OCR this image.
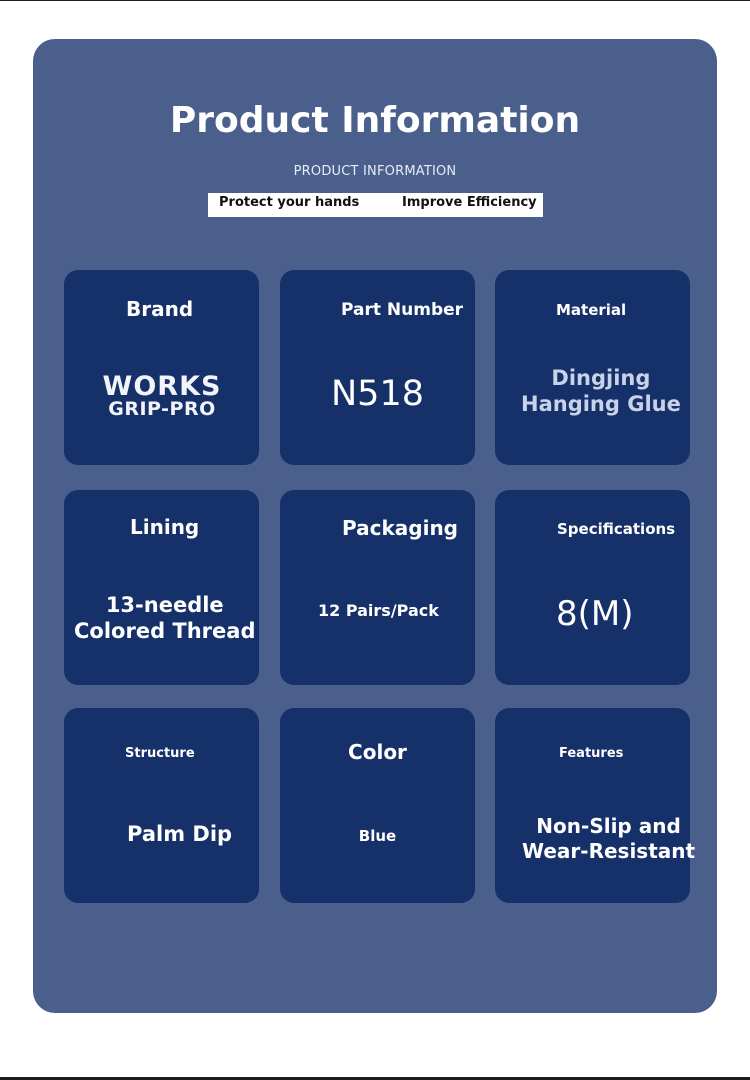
Product Information
PRODUCT INFORMATION
Protect your hands	Improve Efficiency
Brand
WORKS
GRIP-PRO
Part Number
N518
Material
Dingjing
Hanging Glue
Lining
13-needle
Colored Thread
Packaging
12 Pairs/Pack
Specifications
8(M)
Structure
Palm Dip
Color
Blue
Features
Non-Slip and
Wear-Resistant
